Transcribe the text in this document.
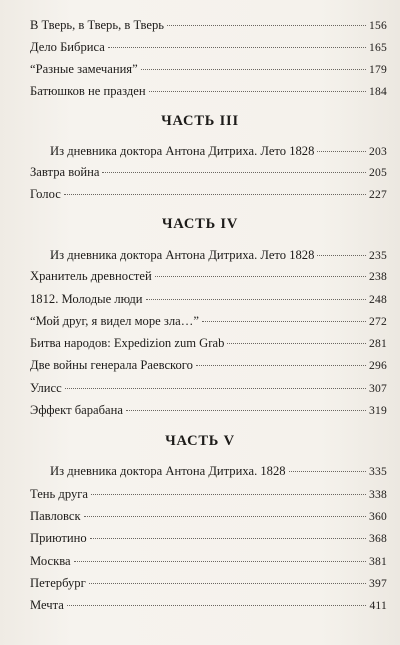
В Тверь, в Тверь, в Тверь	156
Дело Бибриса	165
“Разные замечания”	179
Батюшков не празден	184
ЧАСТЬ III
Из дневника доктора Антона Дитриха. Лето 1828	203
Завтра война	205
Голос	227
ЧАСТЬ IV
Из дневника доктора Антона Дитриха. Лето 1828	235
Хранитель древностей	238
1812. Молодые люди	248
“Мой друг, я видел море зла…”	272
Битва народов: Expedizion zum Grab	281
Две войны генерала Раевского	296
Улисс	307
Эффект барабана	319
ЧАСТЬ V
Из дневника доктора Антона Дитриха. 1828	335
Тень друга	338
Павловск	360
Приютино	368
Москва	381
Петербург	397
Мечта	411
